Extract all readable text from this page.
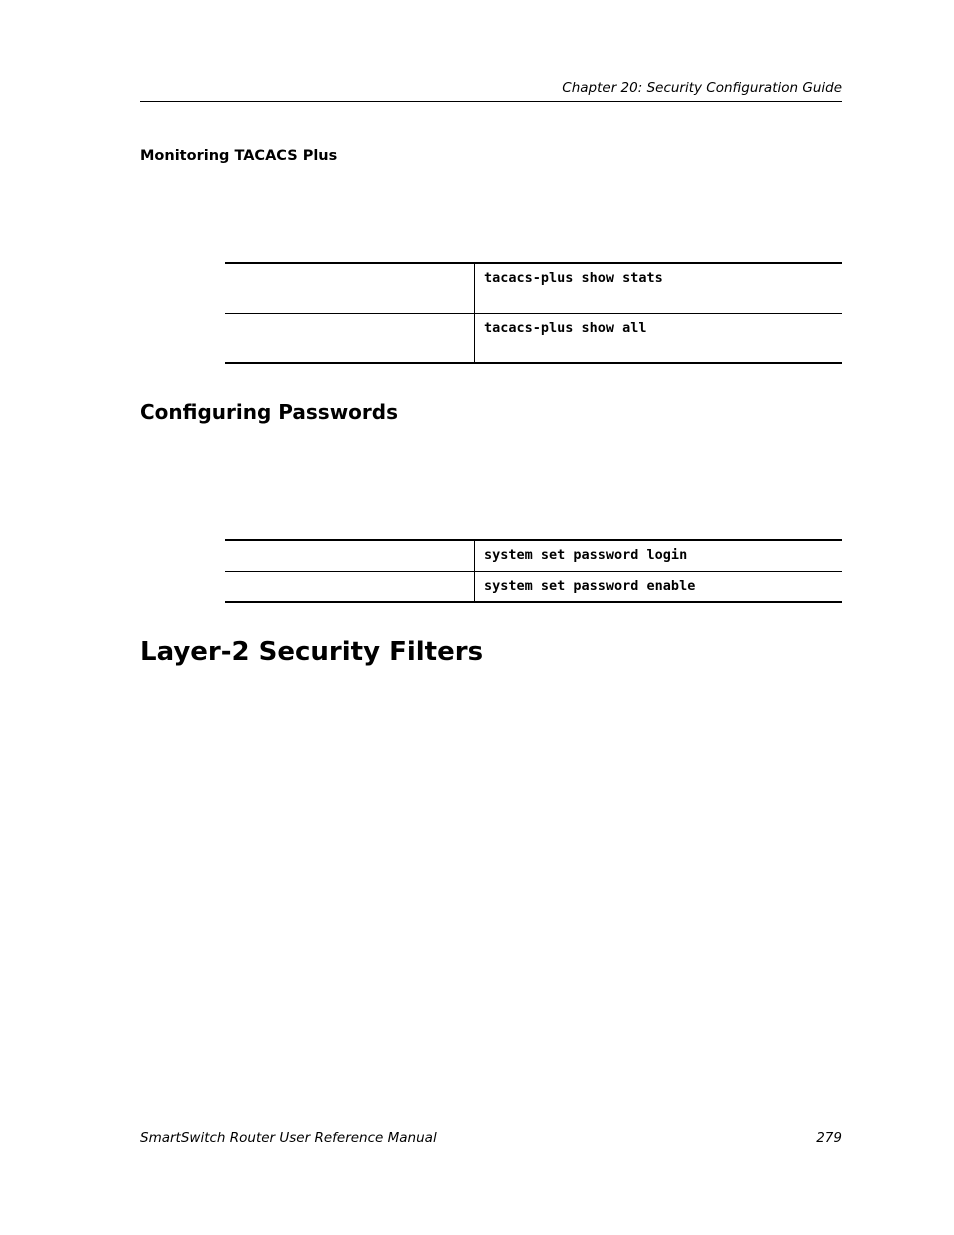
Chapter 20: Security Configuration Guide
Monitoring TACACS Plus
	tacacs-plus show stats
	tacacs-plus show all
Configuring Passwords
	system set password login
	system set password enable
Layer-2 Security Filters
SmartSwitch Router User Reference Manual	279
